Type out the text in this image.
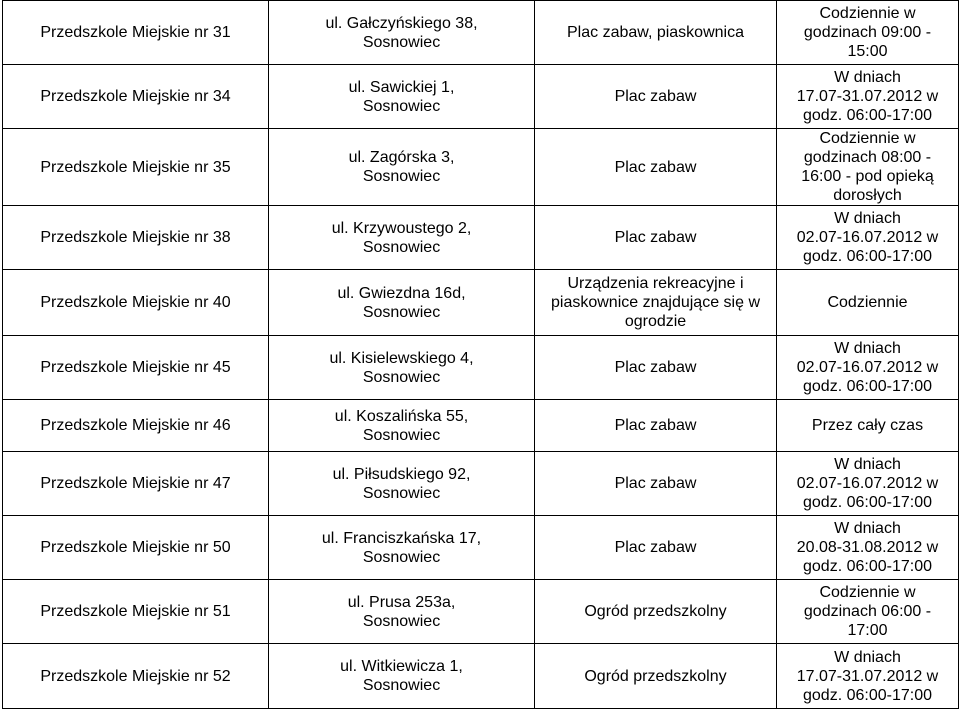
Przedszkole Miejskie nr 31	ul. Gałczyńskiego 38,
Sosnowiec	Plac zabaw, piaskownica	Codziennie w
godzinach 09:00 -
15:00

Przedszkole Miejskie nr 34	ul. Sawickiej 1,
Sosnowiec	Plac zabaw	W dniach
17.07-31.07.2012 w
godz. 06:00-17:00

Przedszkole Miejskie nr 35	ul. Zagórska 3,
Sosnowiec	Plac zabaw	Codziennie w
godzinach 08:00 -
16:00 - pod opieką
dorosłych

Przedszkole Miejskie nr 38	ul. Krzywoustego 2,
Sosnowiec	Plac zabaw	W dniach
02.07-16.07.2012 w
godz. 06:00-17:00

Przedszkole Miejskie nr 40	ul. Gwiezdna 16d,
Sosnowiec	Urządzenia rekreacyjne i
piaskownice znajdujące się w
ogrodzie	Codziennie

Przedszkole Miejskie nr 45	ul. Kisielewskiego 4,
Sosnowiec	Plac zabaw	W dniach
02.07-16.07.2012 w
godz. 06:00-17:00

Przedszkole Miejskie nr 46	ul. Koszalińska 55,
Sosnowiec	Plac zabaw	Przez cały czas

Przedszkole Miejskie nr 47	ul. Piłsudskiego 92,
Sosnowiec	Plac zabaw	W dniach
02.07-16.07.2012 w
godz. 06:00-17:00

Przedszkole Miejskie nr 50	ul. Franciszkańska 17,
Sosnowiec	Plac zabaw	W dniach
20.08-31.08.2012 w
godz. 06:00-17:00

Przedszkole Miejskie nr 51	ul. Prusa 253a,
Sosnowiec	Ogród przedszkolny	Codziennie w
godzinach 06:00 -
17:00

Przedszkole Miejskie nr 52	ul. Witkiewicza 1,
Sosnowiec	Ogród przedszkolny	W dniach
17.07-31.07.2012 w
godz. 06:00-17:00
